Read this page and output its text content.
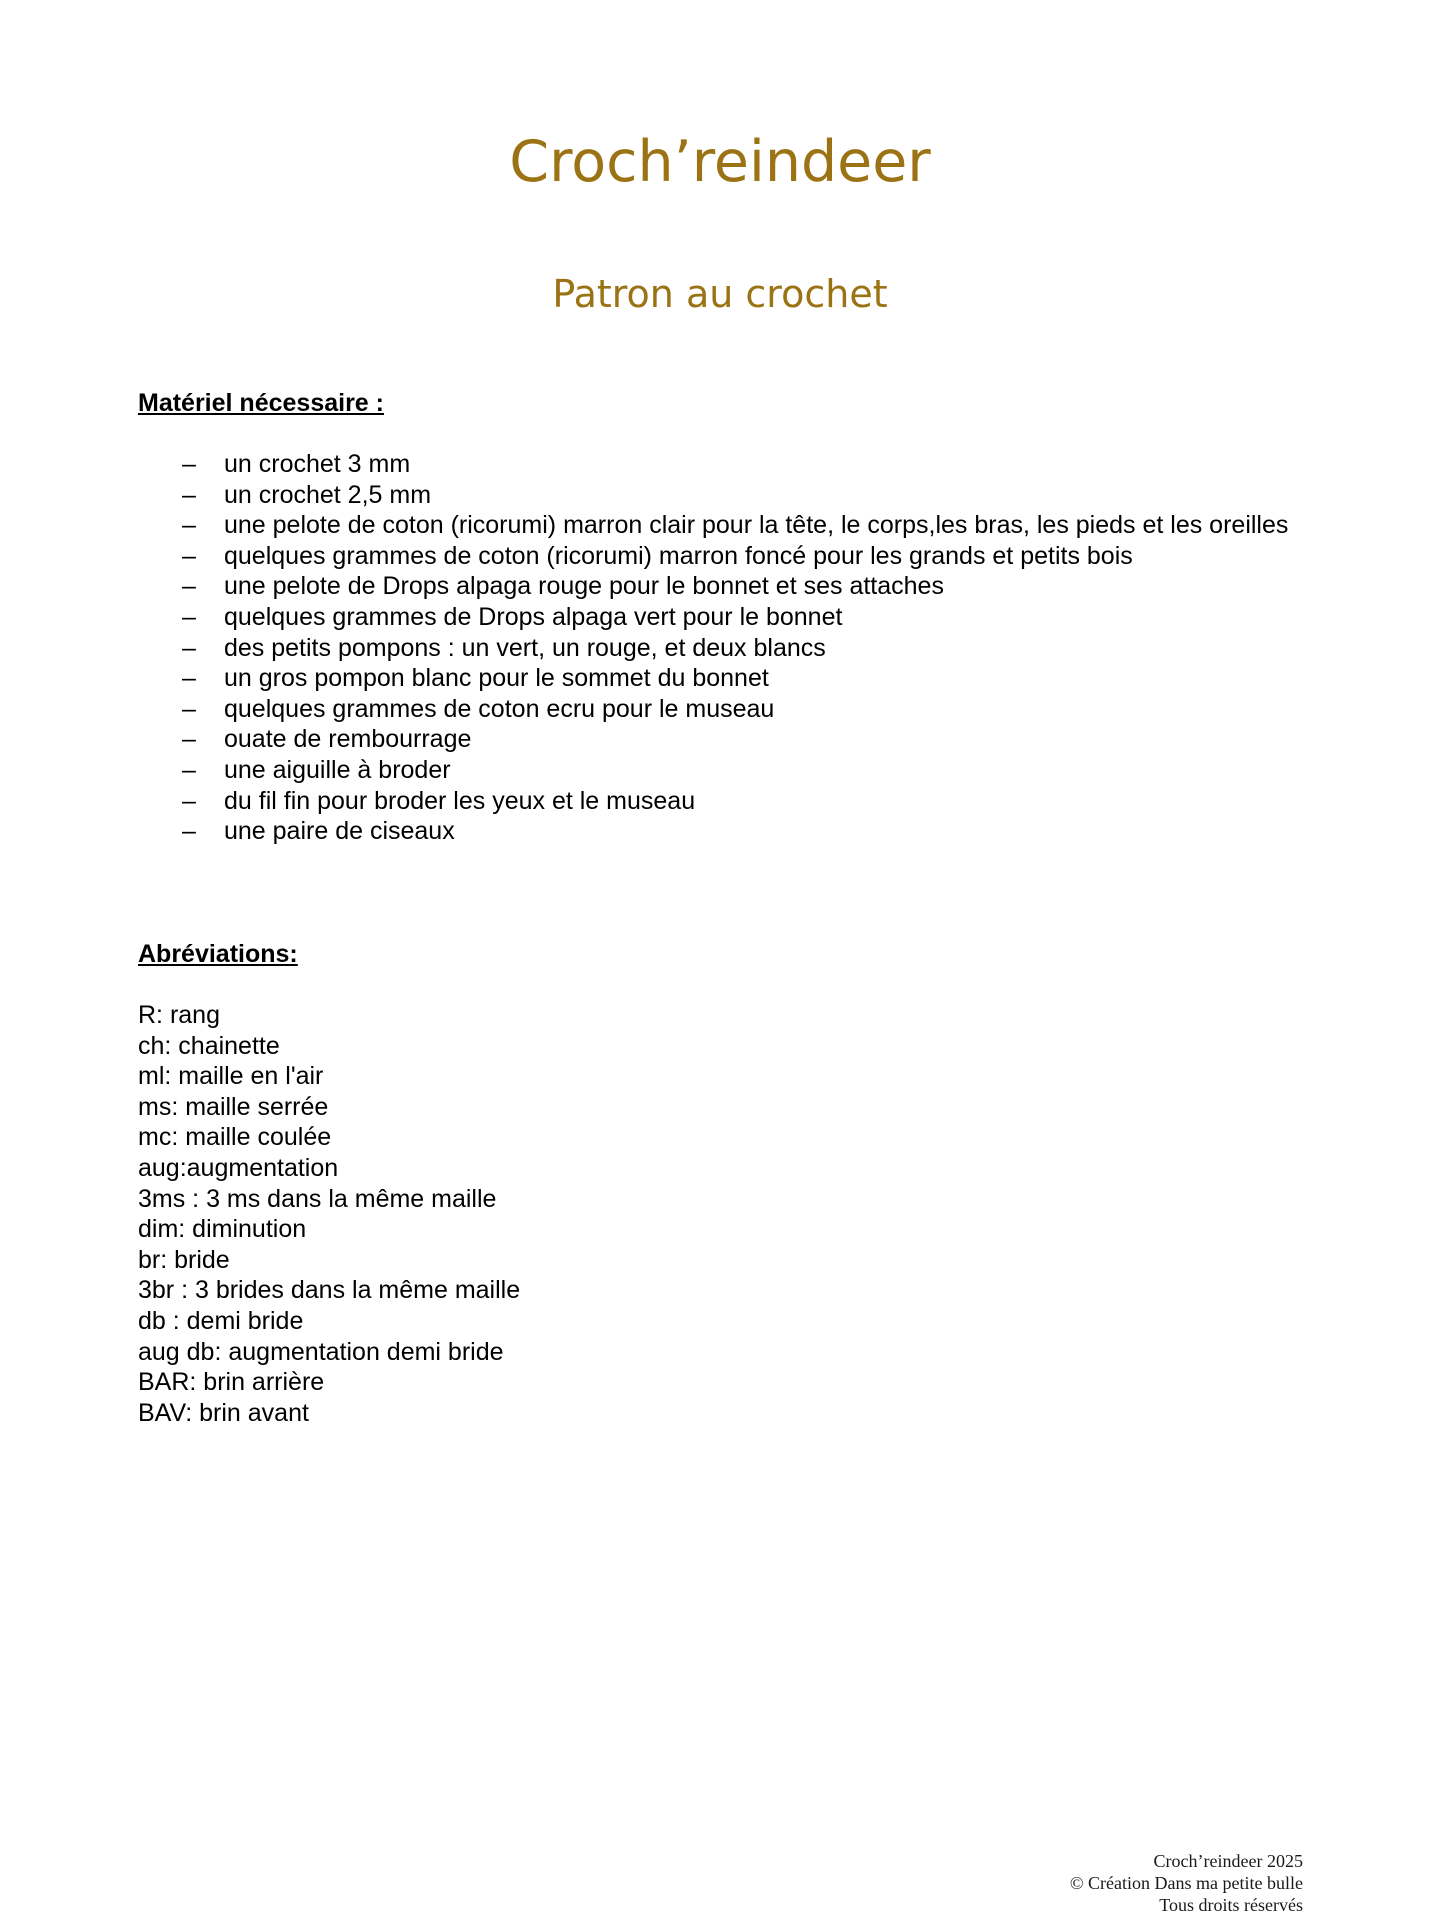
Croch’reindeer
Patron au crochet
Matériel nécessaire :
–	un crochet 3 mm
–	un crochet 2,5 mm
–	une pelote de coton (ricorumi) marron clair pour la tête, le corps,les bras, les pieds et les oreilles
–	quelques grammes de coton (ricorumi) marron foncé pour les grands et petits bois
–	une pelote de Drops alpaga rouge pour le bonnet et ses attaches
–	quelques grammes de Drops alpaga vert pour le bonnet
–	des petits pompons : un vert, un rouge, et deux blancs
–	un gros pompon blanc pour le sommet du bonnet
–	quelques grammes de coton ecru pour le museau
–	ouate de rembourrage
–	une aiguille à broder
–	du fil fin pour broder les yeux et le museau
–	une paire de ciseaux
Abréviations:
R: rang
ch: chainette
ml: maille en l'air
ms: maille serrée
mc: maille coulée
aug:augmentation
3ms : 3 ms dans la même maille
dim: diminution
br: bride
3br : 3 brides dans la même maille
db : demi bride
aug db: augmentation demi bride
BAR: brin arrière
BAV: brin avant
Croch’reindeer 2025
© Création Dans ma petite bulle
Tous droits réservés
